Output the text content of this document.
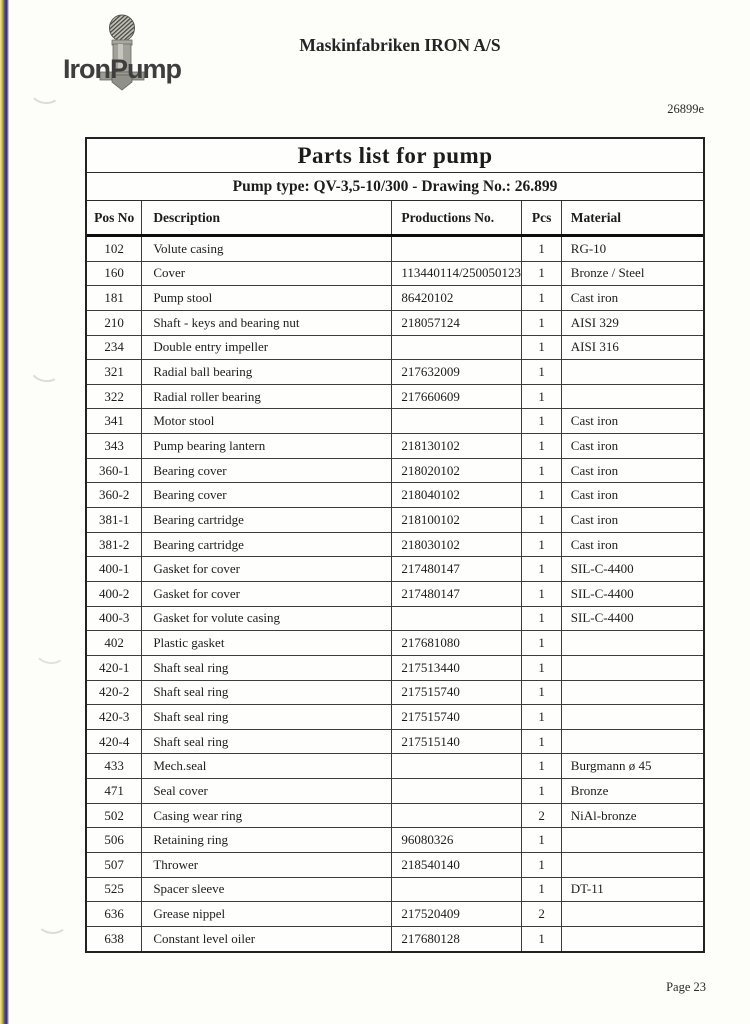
IronPump
Maskinfabriken IRON A/S
26899e
Parts list for pump
Pump type: QV-3,5-10/300 - Drawing No.: 26.899
Pos No	Description	Productions No.	Pcs	Material
102	Volute casing		1	RG-10
160	Cover	113440114/250050123	1	Bronze / Steel
181	Pump stool	86420102	1	Cast iron
210	Shaft - keys and bearing nut	218057124	1	AISI 329
234	Double entry impeller		1	AISI 316
321	Radial ball bearing	217632009	1	
322	Radial roller bearing	217660609	1	
341	Motor stool		1	Cast iron
343	Pump bearing lantern	218130102	1	Cast iron
360-1	Bearing cover	218020102	1	Cast iron
360-2	Bearing cover	218040102	1	Cast iron
381-1	Bearing cartridge	218100102	1	Cast iron
381-2	Bearing cartridge	218030102	1	Cast iron
400-1	Gasket for cover	217480147	1	SIL-C-4400
400-2	Gasket for cover	217480147	1	SIL-C-4400
400-3	Gasket for volute casing		1	SIL-C-4400
402	Plastic gasket	217681080	1	
420-1	Shaft seal ring	217513440	1	
420-2	Shaft seal ring	217515740	1	
420-3	Shaft seal ring	217515740	1	
420-4	Shaft seal ring	217515140	1	
433	Mech.seal		1	Burgmann ø 45
471	Seal cover		1	Bronze
502	Casing wear ring		2	NiAl-bronze
506	Retaining ring	96080326	1	
507	Thrower	218540140	1	
525	Spacer sleeve		1	DT-11
636	Grease nippel	217520409	2	
638	Constant level oiler	217680128	1	
Page 23
